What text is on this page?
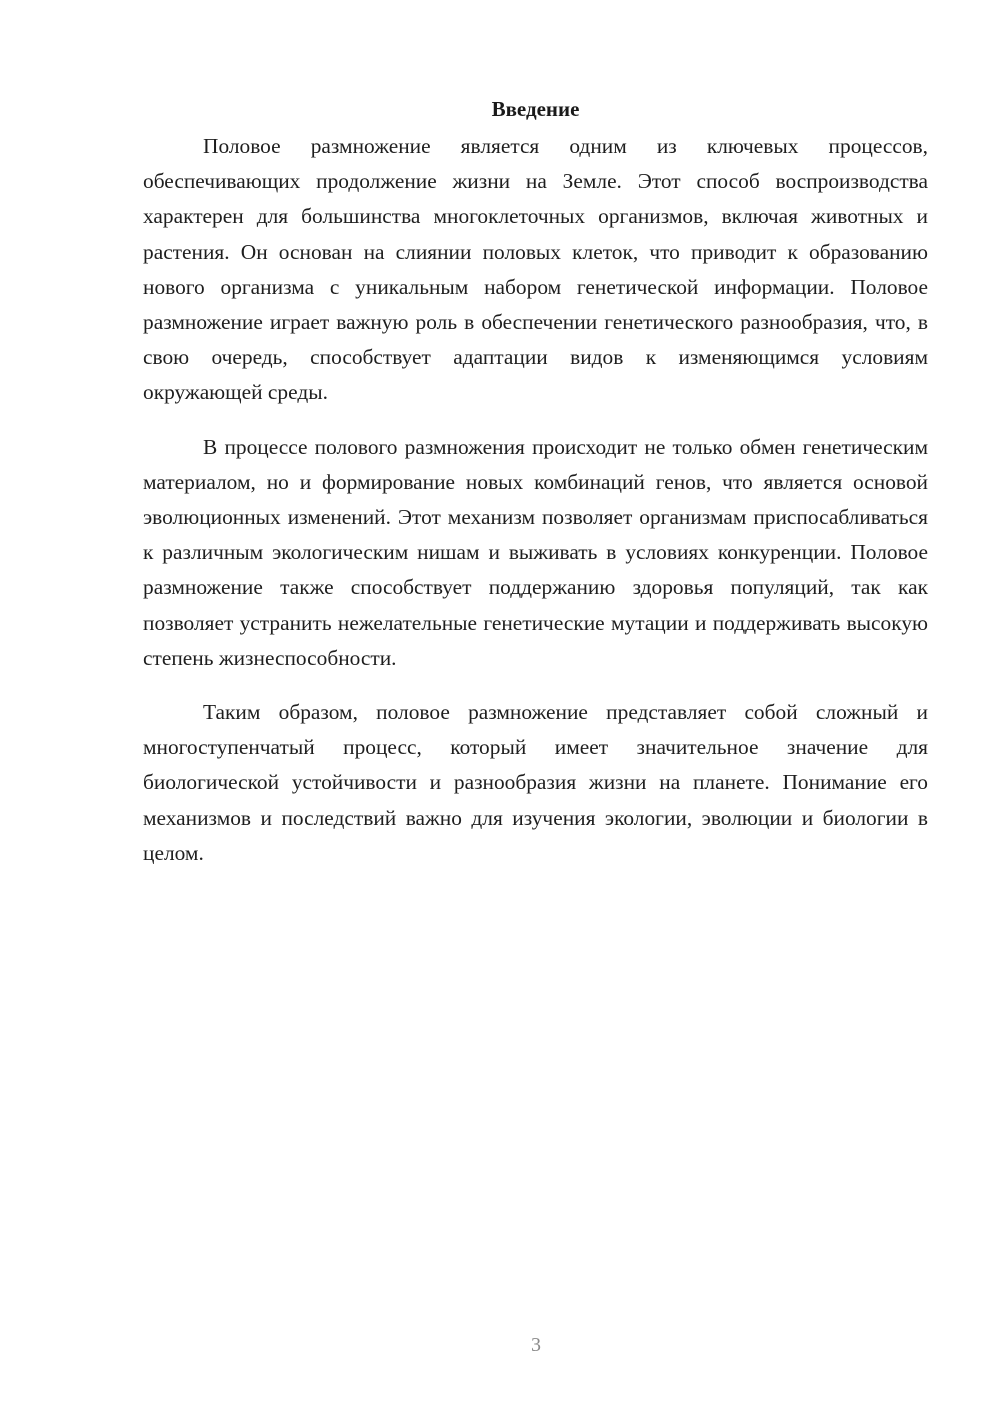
Введение

Половое размножение является одним из ключевых процессов, обеспечивающих продолжение жизни на Земле. Этот способ воспроизводства характерен для большинства многоклеточных организмов, включая животных и растения. Он основан на слиянии половых клеток, что приводит к образованию нового организма с уникальным набором генетической информации. Половое размножение играет важную роль в обеспечении генетического разнообразия, что, в свою очередь, способствует адаптации видов к изменяющимся условиям окружающей среды.

В процессе полового размножения происходит не только обмен генетическим материалом, но и формирование новых комбинаций генов, что является основой эволюционных изменений. Этот механизм позволяет организмам приспосабливаться к различным экологическим нишам и выживать в условиях конкуренции. Половое размножение также способствует поддержанию здоровья популяций, так как позволяет устранить нежелательные генетические мутации и поддерживать высокую степень жизнеспособности.

Таким образом, половое размножение представляет собой сложный и многоступенчатый процесс, который имеет значительное значение для биологической устойчивости и разнообразия жизни на планете. Понимание его механизмов и последствий важно для изучения экологии, эволюции и биологии в целом.

3
